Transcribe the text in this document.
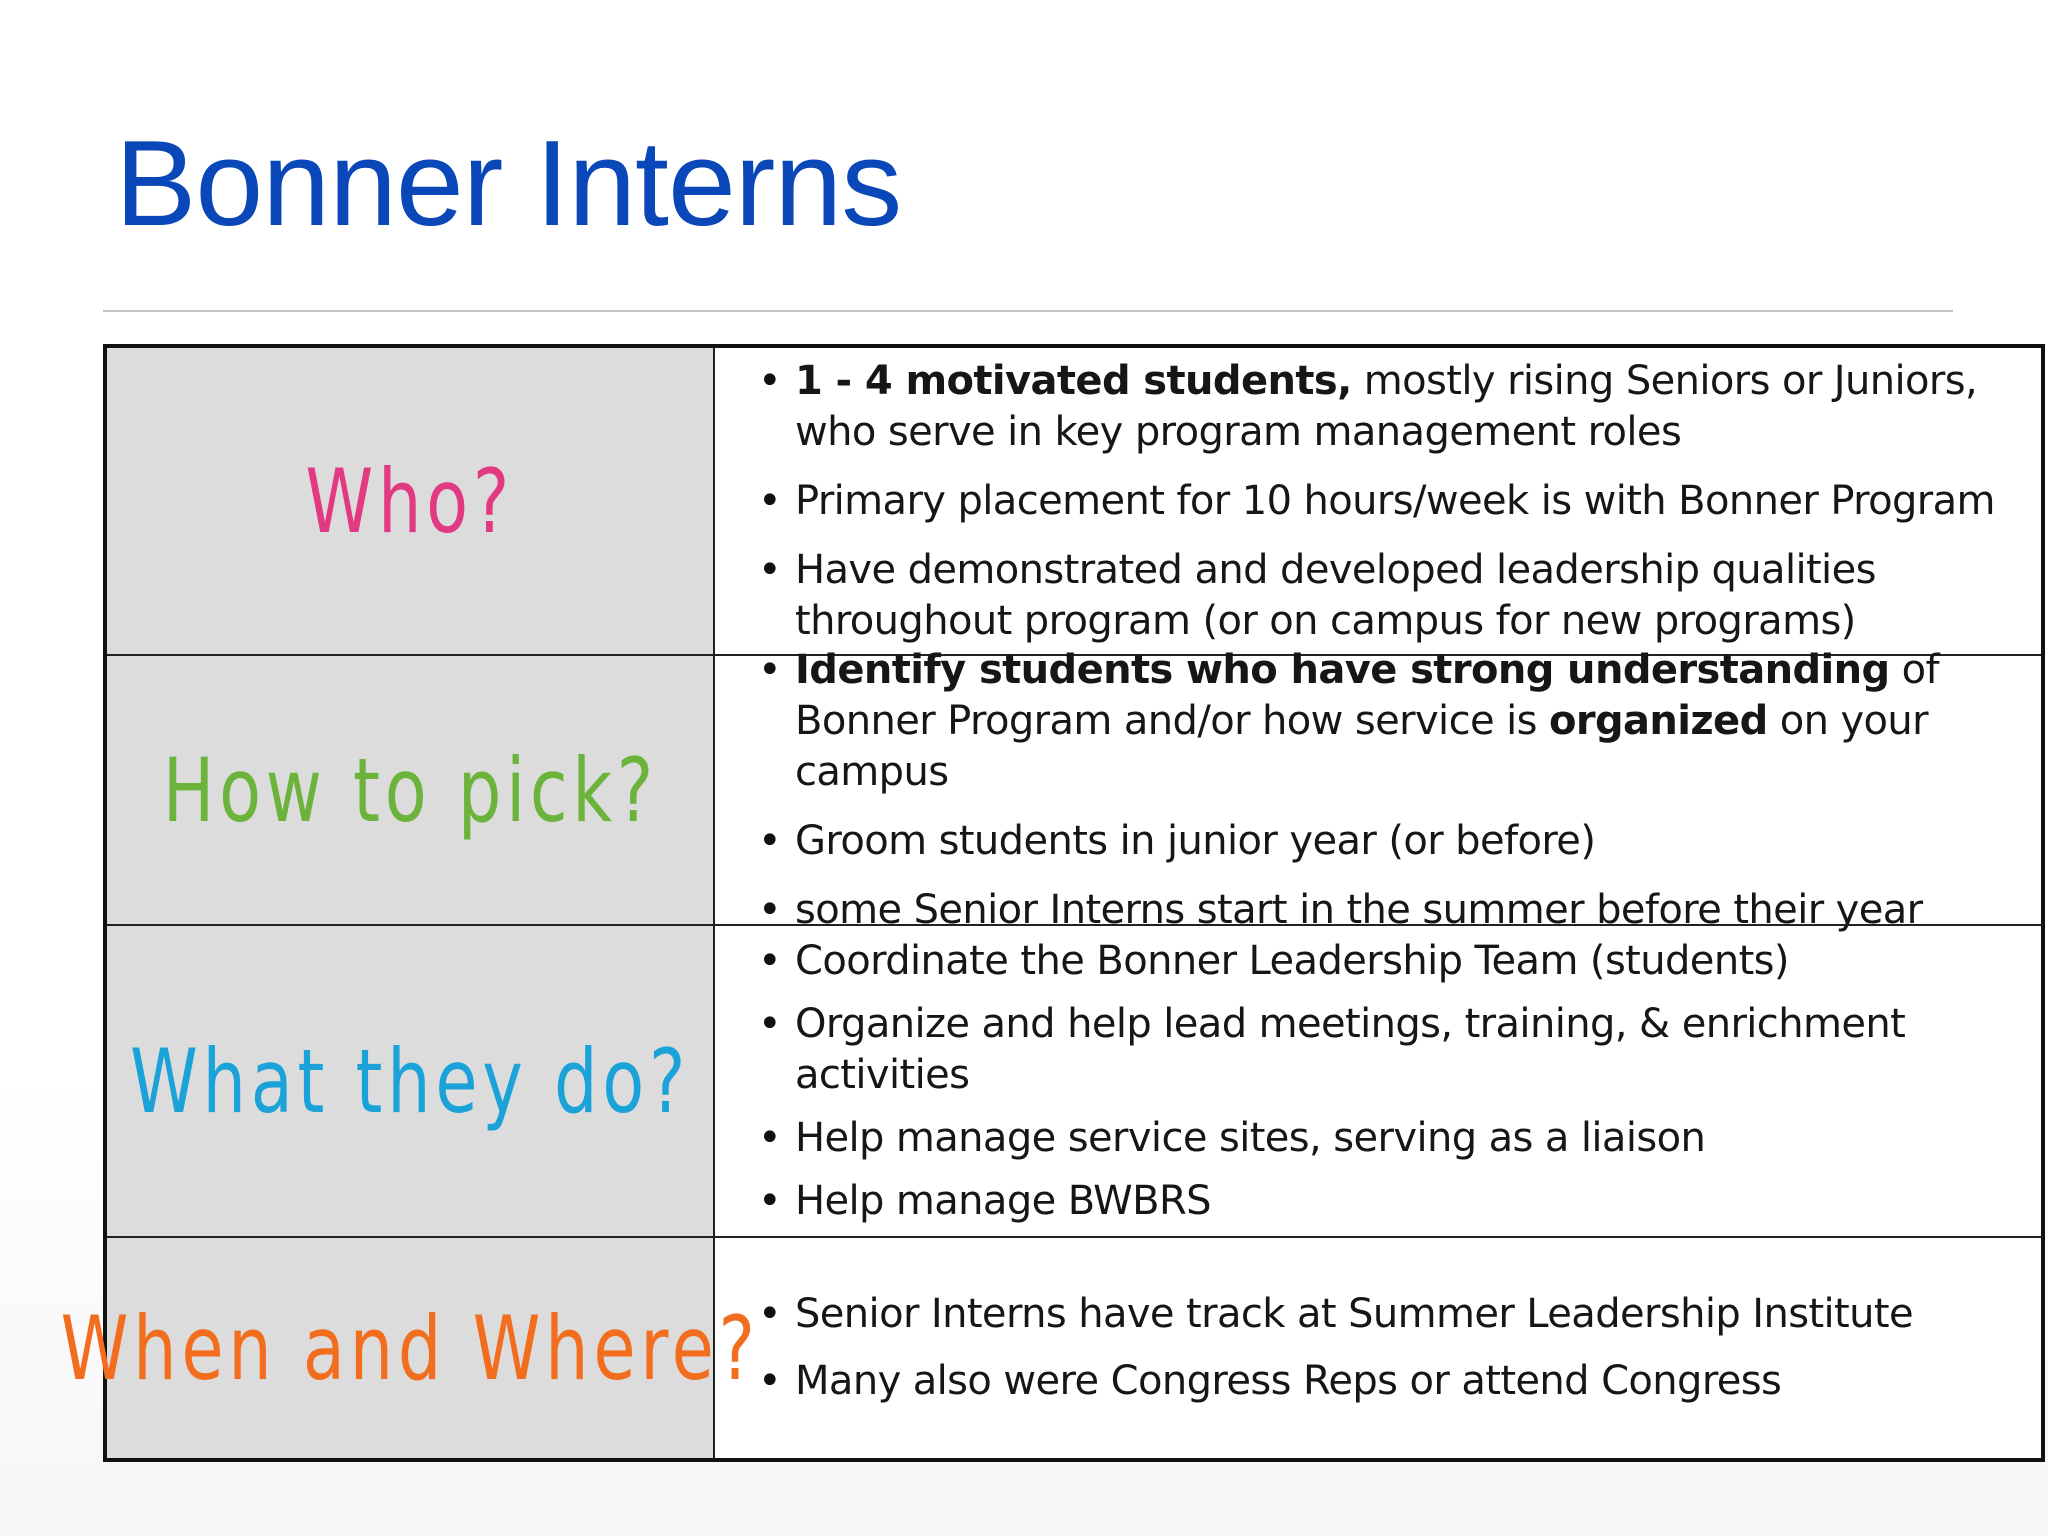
Bonner Interns
Who?
• 1 - 4 motivated students, mostly rising Seniors or Juniors, who serve in key program management roles
• Primary placement for 10 hours/week is with Bonner Program
• Have demonstrated and developed leadership qualities throughout program (or on campus for new programs)
How to pick?
• Identify students who have strong understanding of Bonner Program and/or how service is organized on your campus
• Groom students in junior year (or before)
• some Senior Interns start in the summer before their year
What they do?
• Coordinate the Bonner Leadership Team (students)
• Organize and help lead meetings, training, & enrichment activities
• Help manage service sites, serving as a liaison
• Help manage BWBRS
When and Where?
• Senior Interns have track at Summer Leadership Institute
• Many also were Congress Reps or attend Congress
